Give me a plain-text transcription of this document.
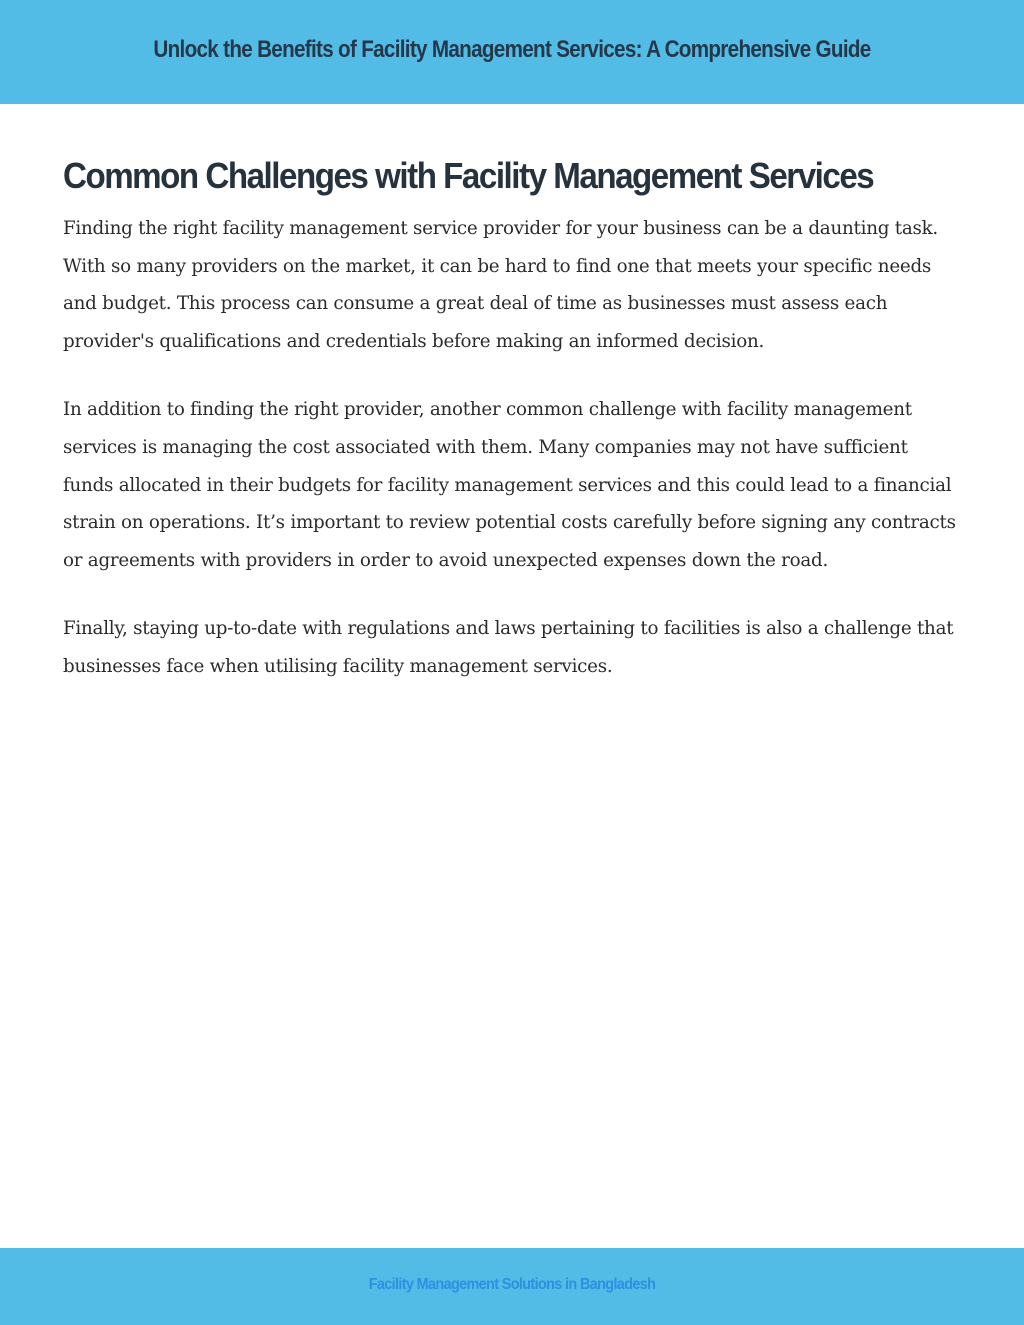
Unlock the Benefits of Facility Management Services: A Comprehensive Guide
Common Challenges with Facility Management Services

Finding the right facility management service provider for your business can be a daunting task. With so many providers on the market, it can be hard to find one that meets your specific needs and budget. This process can consume a great deal of time as businesses must assess each provider's qualifications and credentials before making an informed decision.

In addition to finding the right provider, another common challenge with facility management services is managing the cost associated with them. Many companies may not have sufficient funds allocated in their budgets for facility management services and this could lead to a financial strain on operations. It’s important to review potential costs carefully before signing any contracts or agreements with providers in order to avoid unexpected expenses down the road.

Finally, staying up-to-date with regulations and laws pertaining to facilities is also a challenge that businesses face when utilising facility management services.

Facility Management Solutions in Bangladesh
